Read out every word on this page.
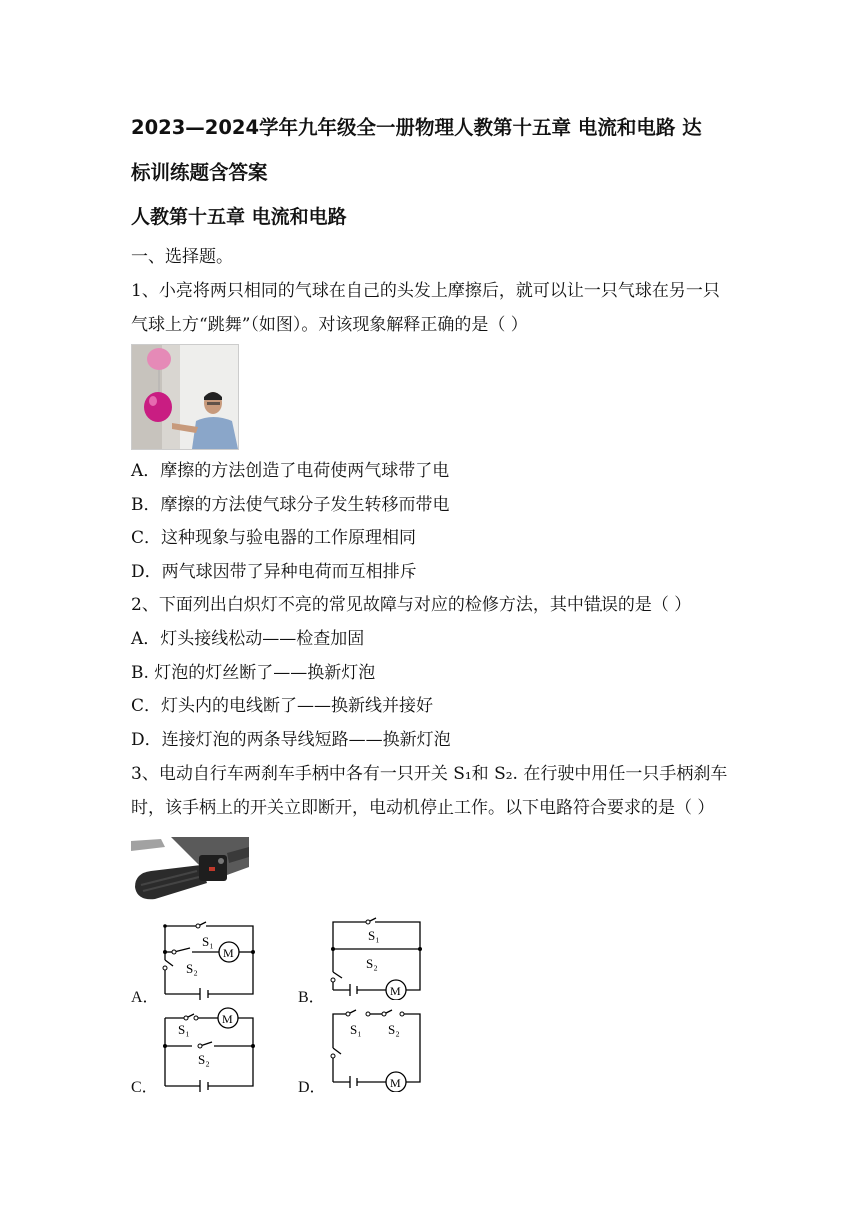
2023—2024学年九年级全一册物理人教第十五章 电流和电路 达
标训练题含答案
人教第十五章 电流和电路
一、选择题。
1、小亮将两只相同的气球在自己的头发上摩擦后，就可以让一只气球在另一只
气球上方“跳舞”（如图）。对该现象解释正确的是（ ）
A．摩擦的方法创造了电荷使两气球带了电
B．摩擦的方法使气球分子发生转移而带电
C．这种现象与验电器的工作原理相同
D．两气球因带了异种电荷而互相排斥
2、下面列出白炽灯不亮的常见故障与对应的检修方法，其中错误 • •的是（ ）
A．灯头接线松动——检查加固
B. 灯泡的灯丝断了——换新灯泡
C．灯头内的电线断了——换新线并接好
D．连接灯泡的两条导线短路——换新灯泡
3、电动自行车两刹车手柄中各有一只开关 S₁和 S₂. 在行驶中用任一只手柄刹车
时，该手柄上的开关立即断开，电动机停止工作。以下电路符合要求的是（ ）
A．
S₁
S₂
M
B．
S₁
S₂
M
C．
S₁
S₂
M
D．
S₁ S₂
M
